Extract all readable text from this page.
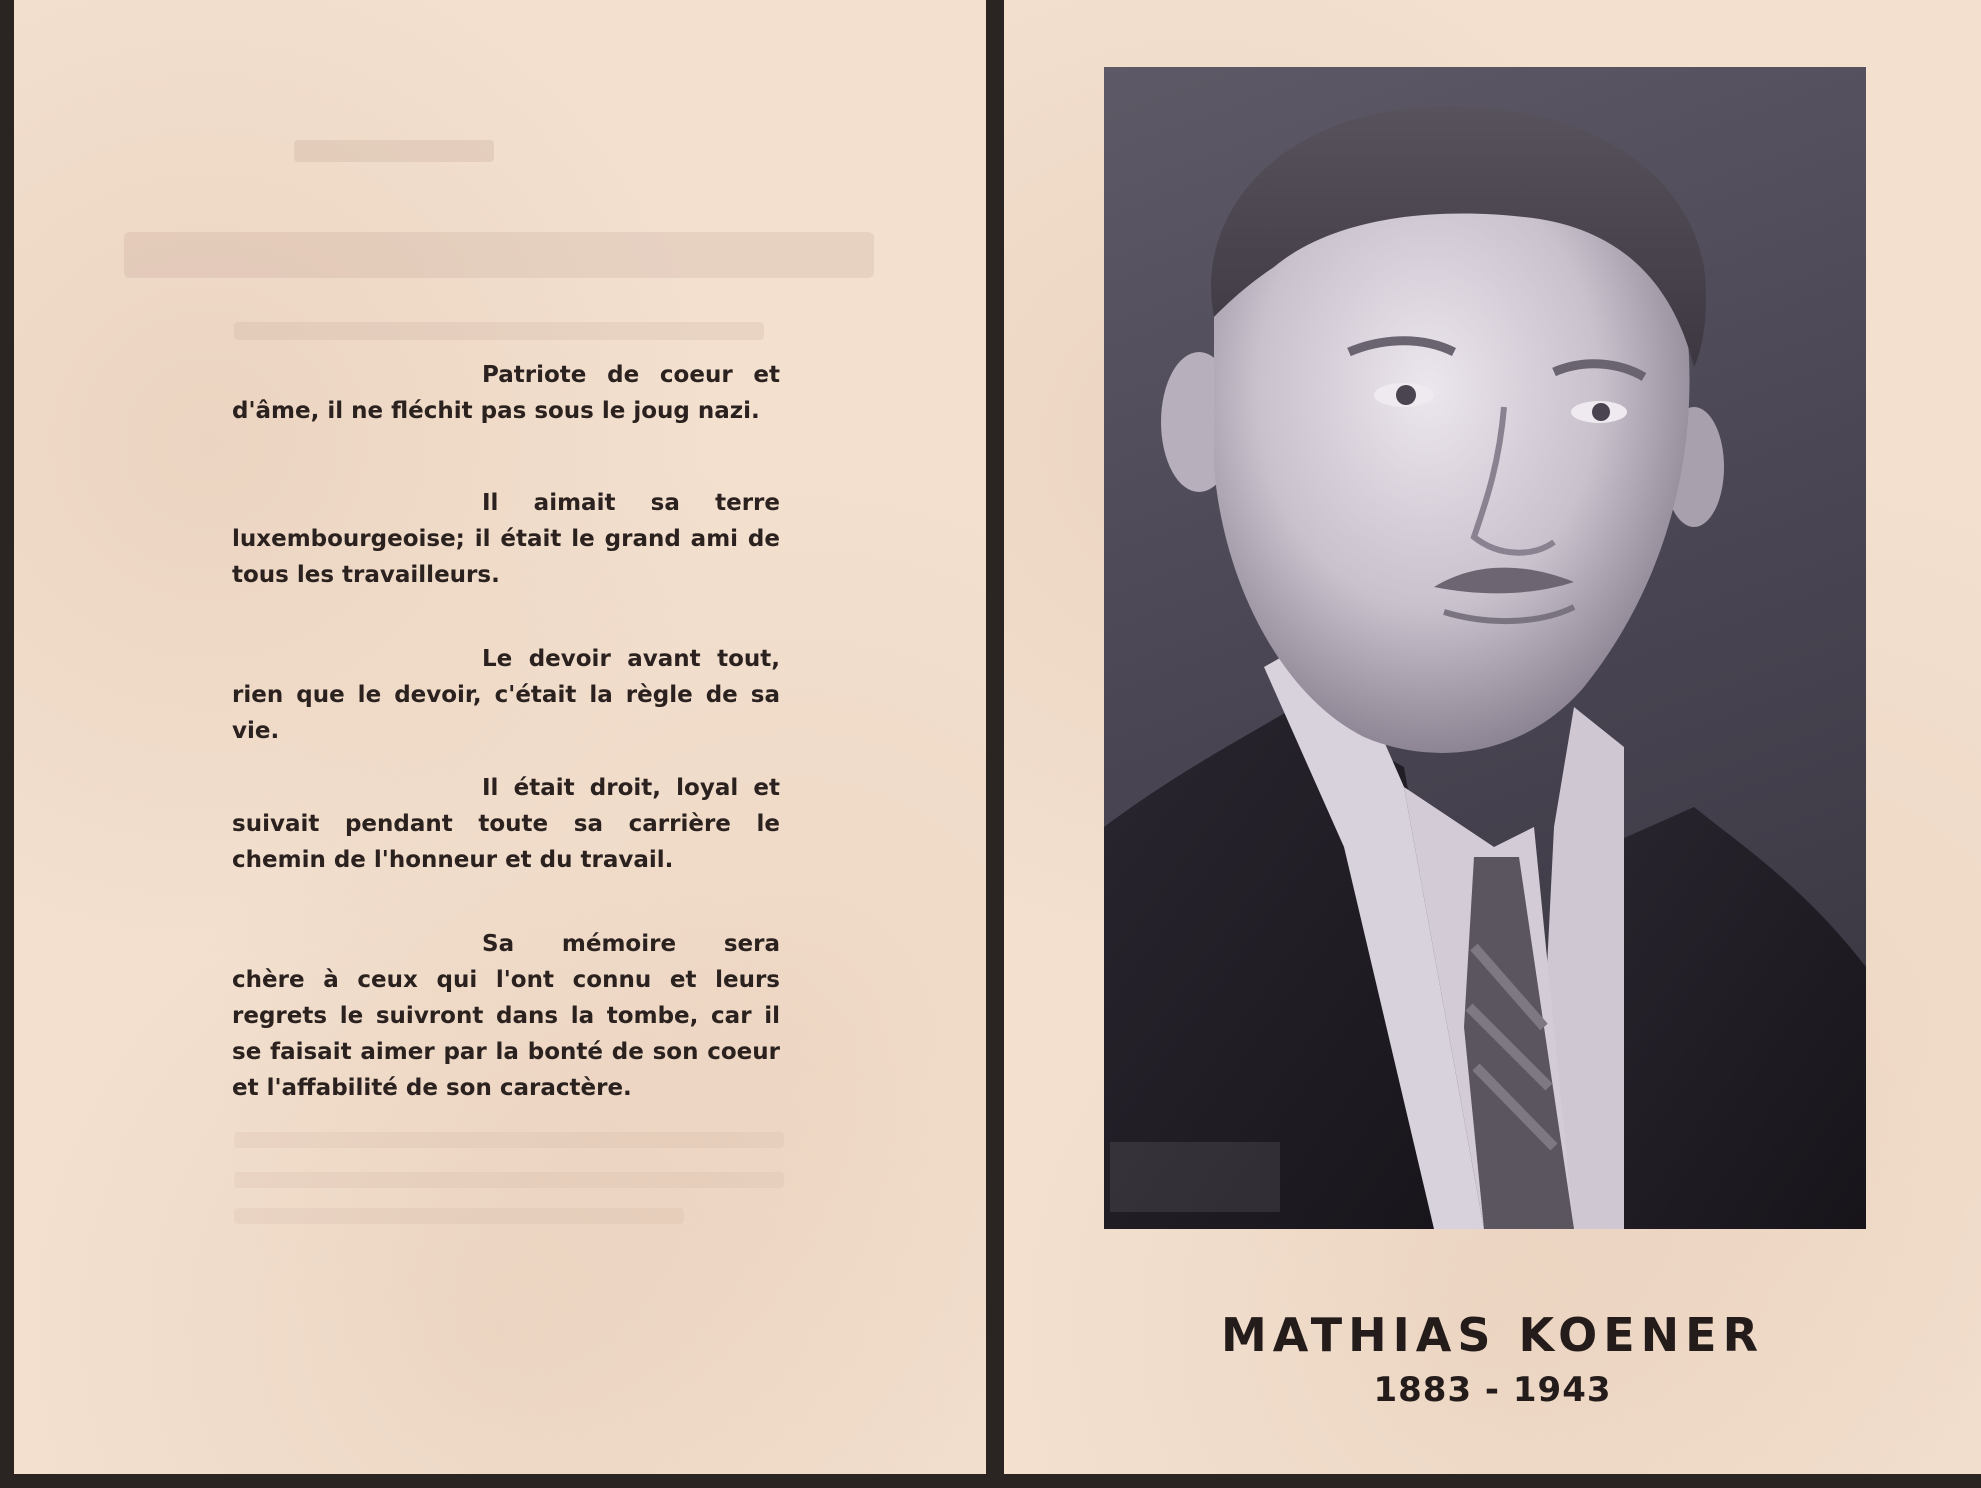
Patriote de coeur et d'âme, il ne fléchit pas sous le joug nazi.

Il aimait sa terre luxembourgeoise; il était le grand ami de tous les travailleurs.

Le devoir avant tout, rien que le devoir, c'était la règle de sa vie.

Il était droit, loyal et suivait pendant toute sa carrière le chemin de l'honneur et du travail.

Sa mémoire sera chère à ceux qui l'ont connu et leurs regrets le suivront dans la tombe, car il se faisait aimer par la bonté de son coeur et l'affabilité de son caractère.

MATHIAS KOENER

1883 - 1943
